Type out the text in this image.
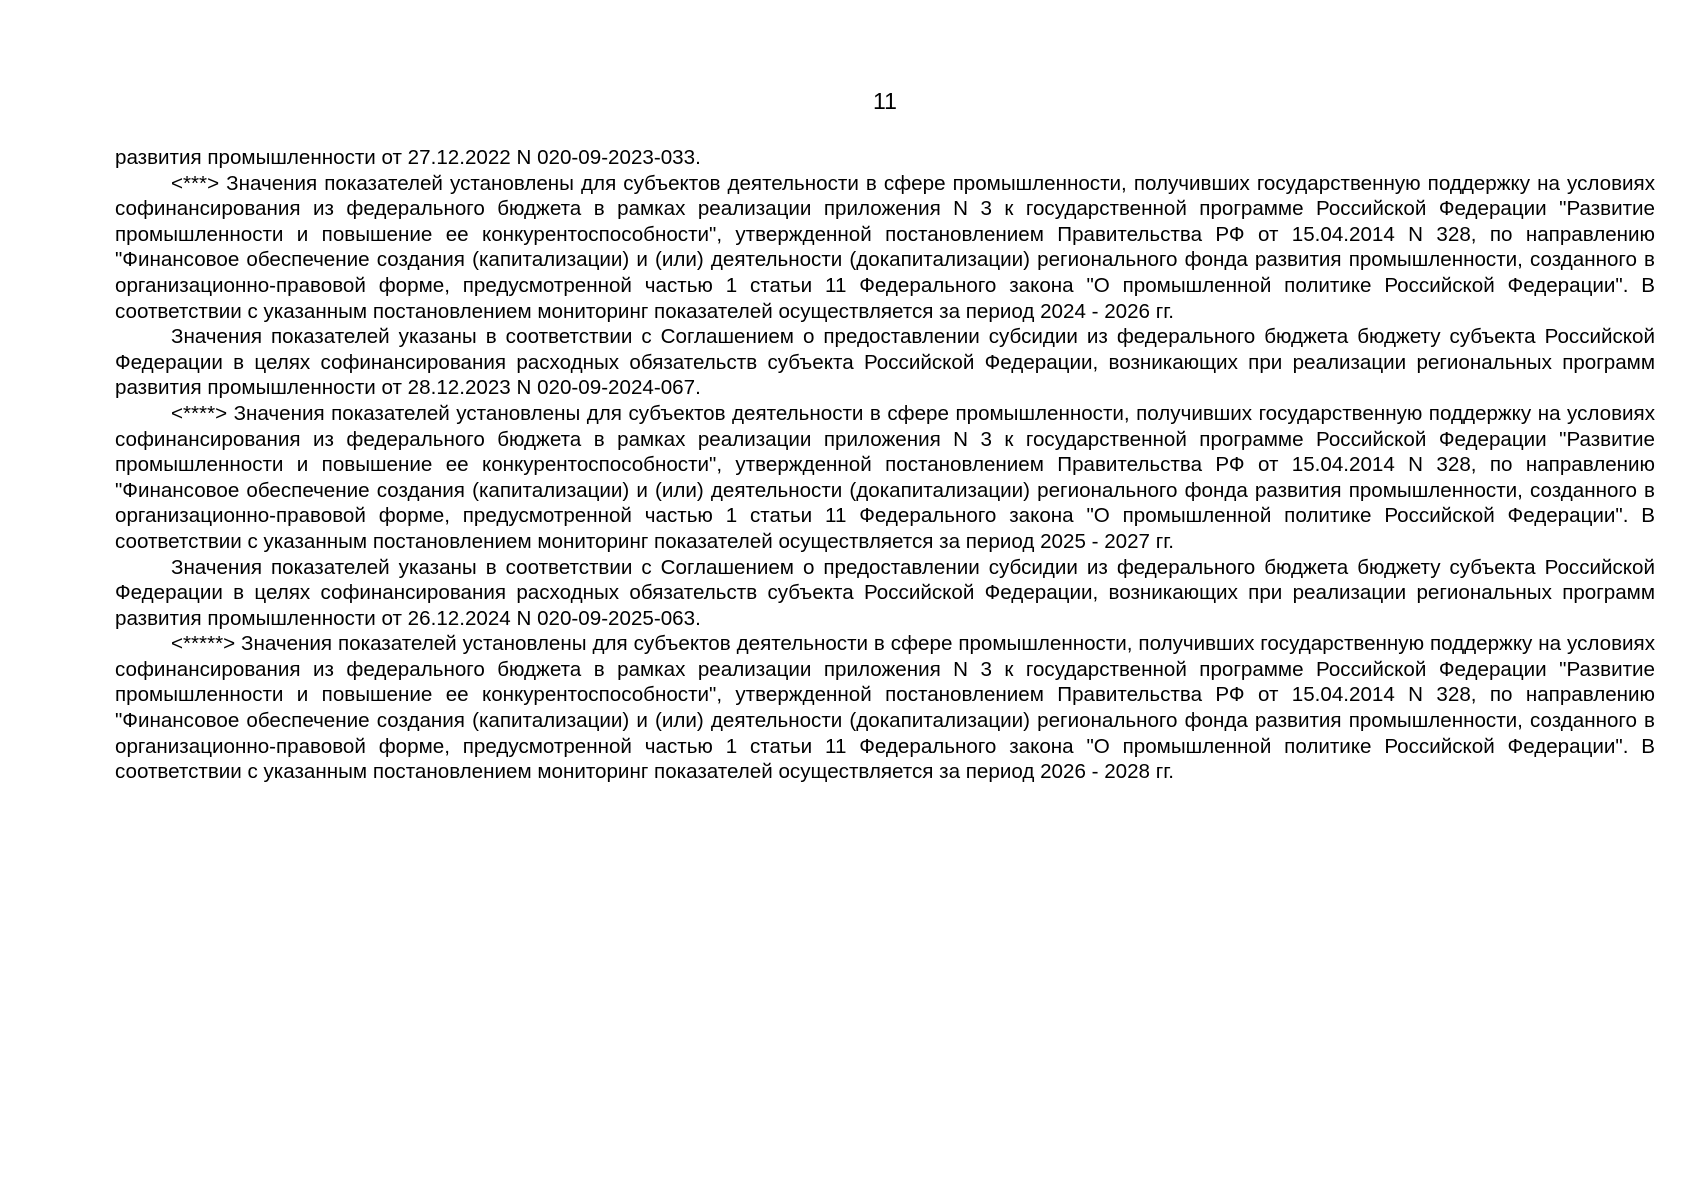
11

развития промышленности от 27.12.2022 N 020-09-2023-033.

<***> Значения показателей установлены для субъектов деятельности в сфере промышленности, получивших государственную поддержку на условиях софинансирования из федерального бюджета в рамках реализации приложения N 3 к государственной программе Российской Федерации "Развитие промышленности и повышение ее конкурентоспособности", утвержденной постановлением Правительства РФ от 15.04.2014 N 328, по направлению "Финансовое обеспечение создания (капитализации) и (или) деятельности (докапитализации) регионального фонда развития промышленности, созданного в организационно-правовой форме, предусмотренной частью 1 статьи 11 Федерального закона "О промышленной политике Российской Федерации". В соответствии с указанным постановлением мониторинг показателей осуществляется за период 2024 - 2026 гг.

Значения показателей указаны в соответствии с Соглашением о предоставлении субсидии из федерального бюджета бюджету субъекта Российской Федерации в целях софинансирования расходных обязательств субъекта Российской Федерации, возникающих при реализации региональных программ развития промышленности от 28.12.2023 N 020-09-2024-067.

<****> Значения показателей установлены для субъектов деятельности в сфере промышленности, получивших государственную поддержку на условиях софинансирования из федерального бюджета в рамках реализации приложения N 3 к государственной программе Российской Федерации "Развитие промышленности и повышение ее конкурентоспособности", утвержденной постановлением Правительства РФ от 15.04.2014 N 328, по направлению "Финансовое обеспечение создания (капитализации) и (или) деятельности (докапитализации) регионального фонда развития промышленности, созданного в организационно-правовой форме, предусмотренной частью 1 статьи 11 Федерального закона "О промышленной политике Российской Федерации". В соответствии с указанным постановлением мониторинг показателей осуществляется за период 2025 - 2027 гг.

Значения показателей указаны в соответствии с Соглашением о предоставлении субсидии из федерального бюджета бюджету субъекта Российской Федерации в целях софинансирования расходных обязательств субъекта Российской Федерации, возникающих при реализации региональных программ развития промышленности от 26.12.2024 N 020-09-2025-063.

<*****> Значения показателей установлены для субъектов деятельности в сфере промышленности, получивших государственную поддержку на условиях софинансирования из федерального бюджета в рамках реализации приложения N 3 к государственной программе Российской Федерации "Развитие промышленности и повышение ее конкурентоспособности", утвержденной постановлением Правительства РФ от 15.04.2014 N 328, по направлению "Финансовое обеспечение создания (капитализации) и (или) деятельности (докапитализации) регионального фонда развития промышленности, созданного в организационно-правовой форме, предусмотренной частью 1 статьи 11 Федерального закона "О промышленной политике Российской Федерации". В соответствии с указанным постановлением мониторинг показателей осуществляется за период 2026 - 2028 гг.
